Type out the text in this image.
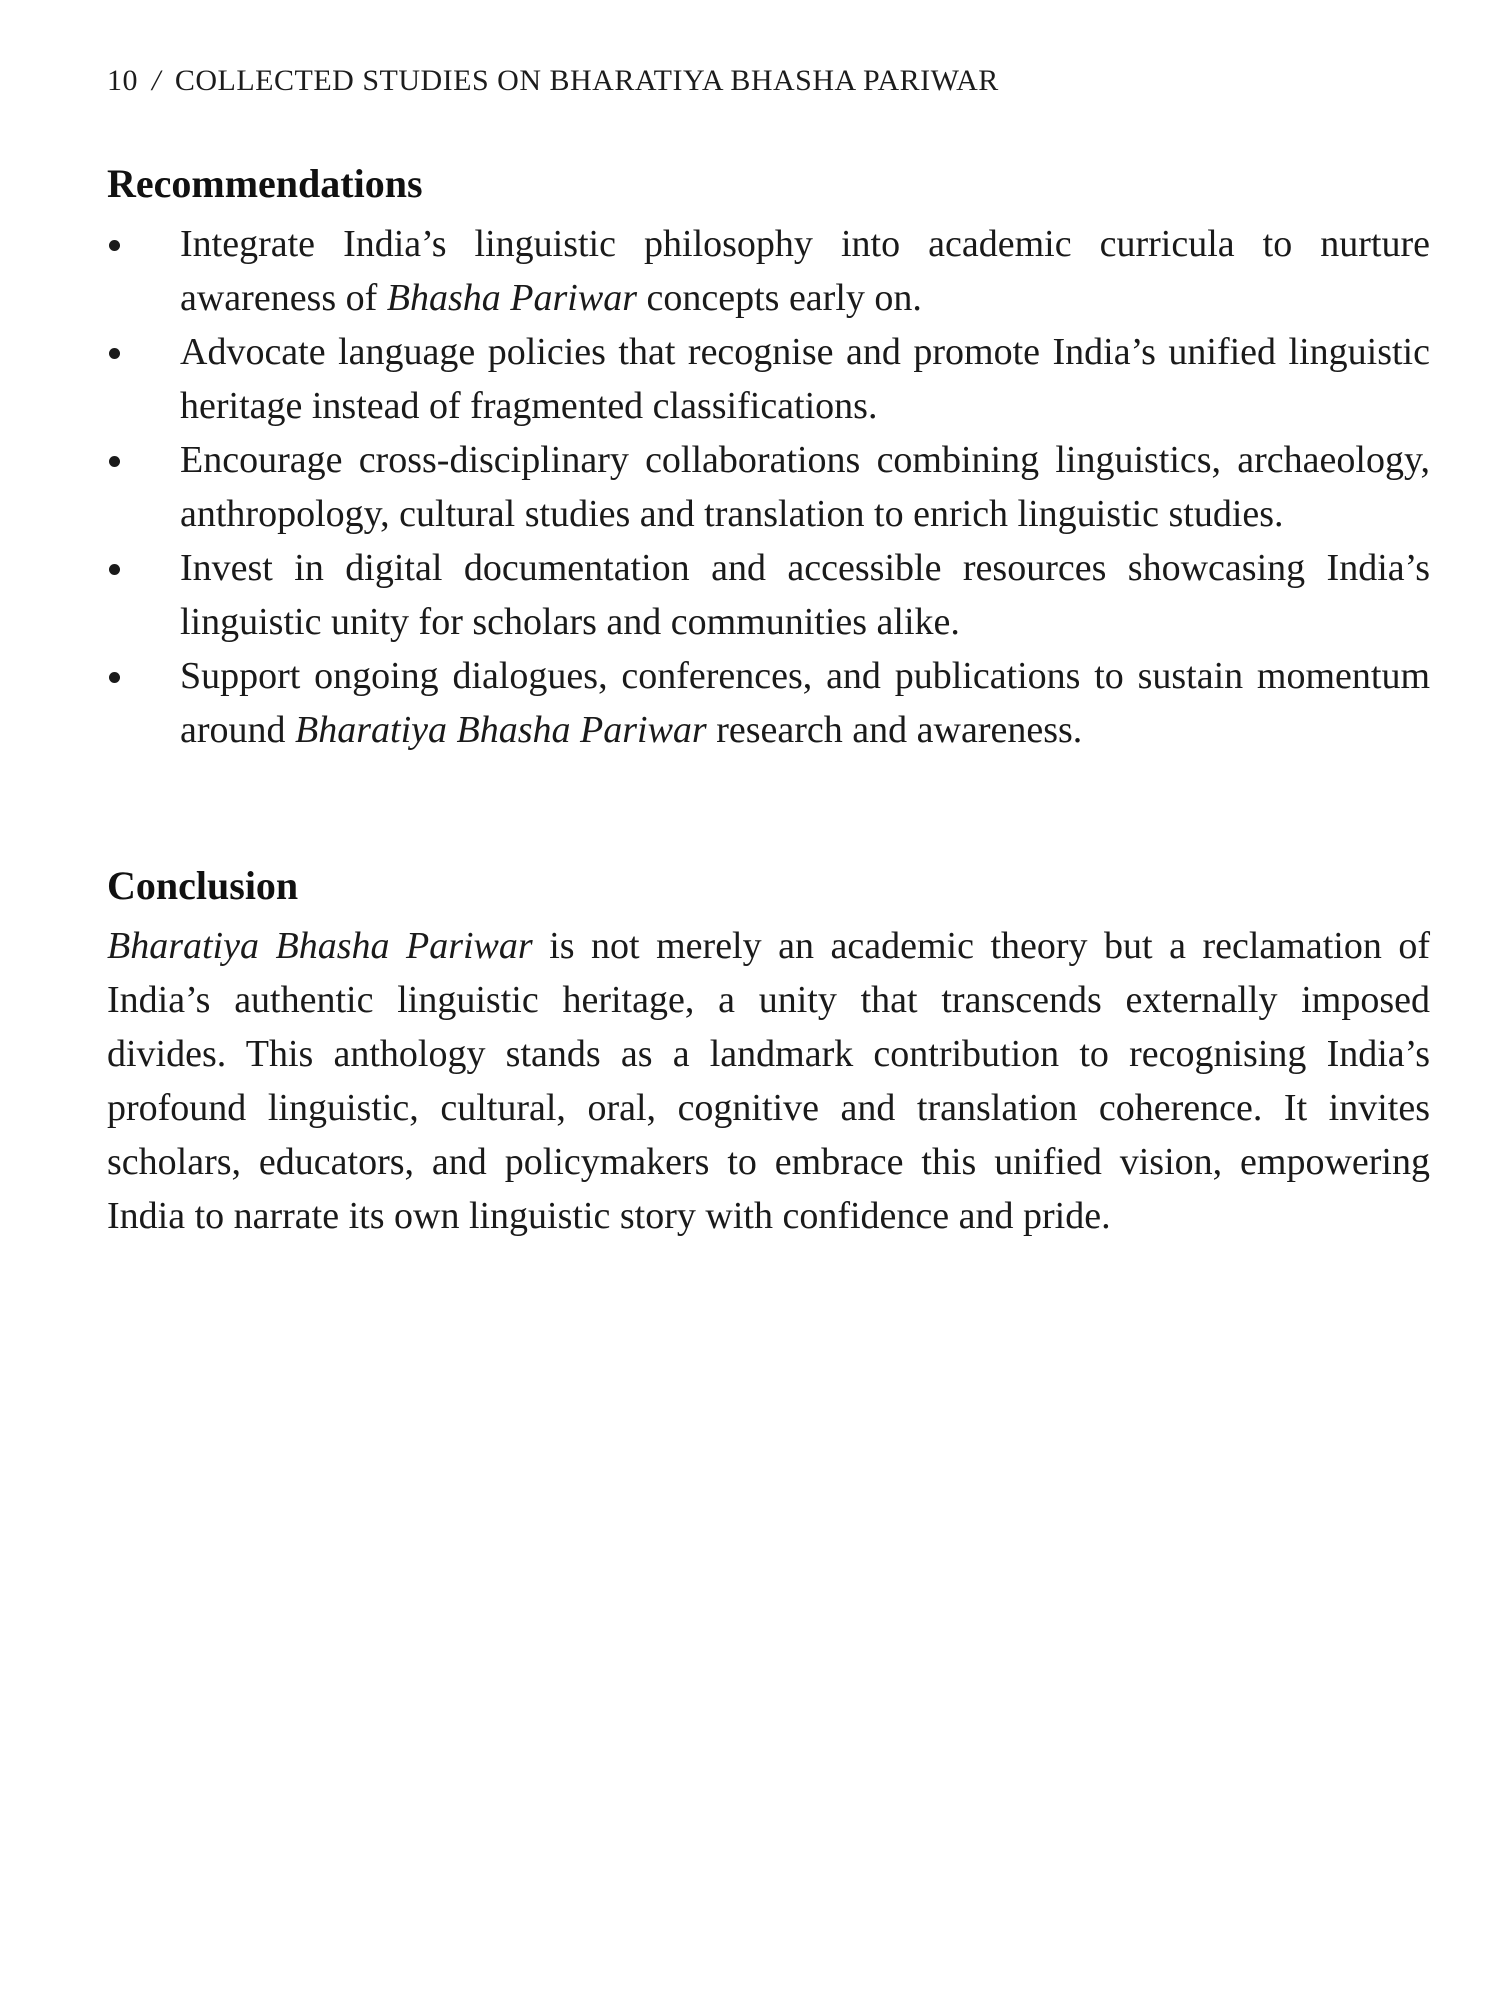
10 / COLLECTED STUDIES ON BHARATIYA BHASHA PARIWAR
Recommendations
Integrate India’s linguistic philosophy into academic curricula to nurture awareness of Bhasha Pariwar concepts early on.
Advocate language policies that recognise and promote India’s unified linguistic heritage instead of fragmented classifications.
Encourage cross-disciplinary collaborations combining linguistics, archaeology, anthropology, cultural studies and translation to enrich linguistic studies.
Invest in digital documentation and accessible resources showcasing India’s linguistic unity for scholars and communities alike.
Support ongoing dialogues, conferences, and publications to sustain momentum around Bharatiya Bhasha Pariwar research and awareness.
Conclusion

Bharatiya Bhasha Pariwar is not merely an academic theory but a reclamation of India’s authentic linguistic heritage, a unity that transcends externally imposed divides. This anthology stands as a landmark contribution to recognising India’s profound linguistic, cultural, oral, cognitive and translation coherence. It invites scholars, educators, and policymakers to embrace this unified vision, empowering India to narrate its own linguistic story with confidence and pride.
